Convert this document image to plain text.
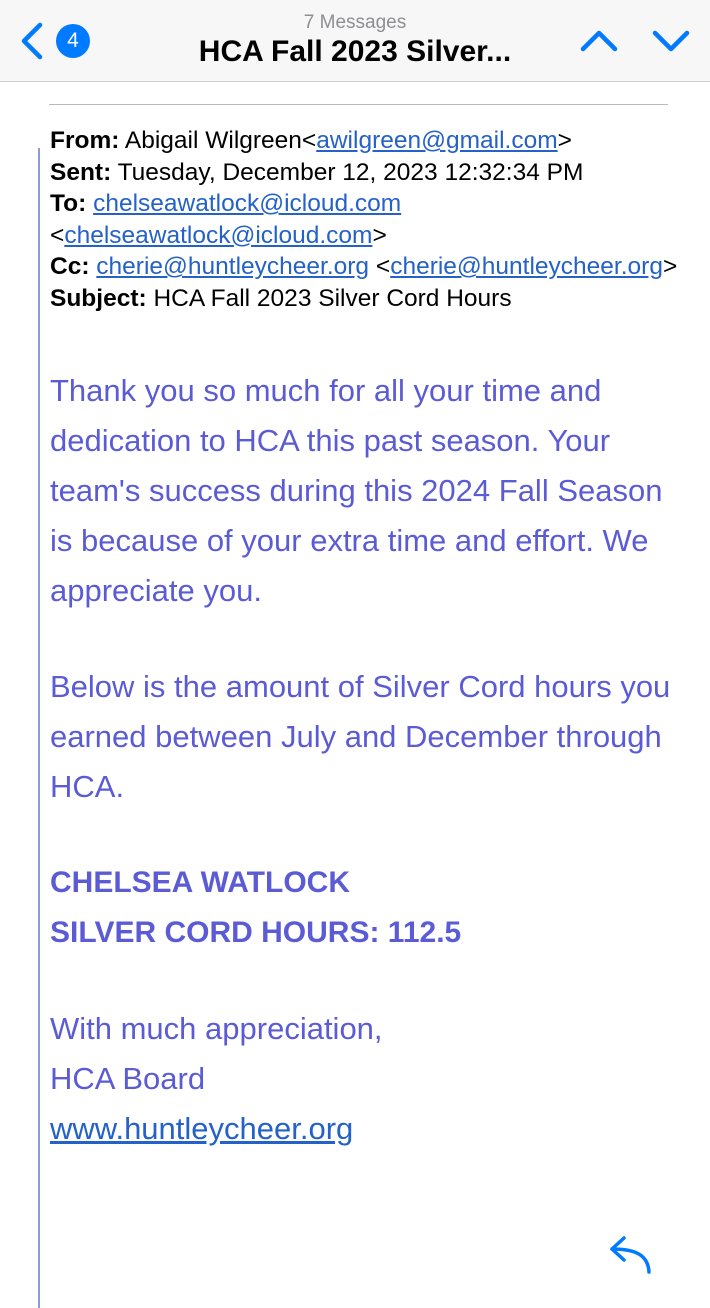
4
7 Messages
HCA Fall 2023 Silver...
From: Abigail Wilgreen<awilgreen@gmail.com>
Sent: Tuesday, December 12, 2023 12:32:34 PM
To: chelseawatlock@icloud.com <chelseawatlock@icloud.com>
Cc: cherie@huntleycheer.org <cherie@huntleycheer.org>
Subject: HCA Fall 2023 Silver Cord Hours
Thank you so much for all your time and dedication to HCA this past season. Your team's success during this 2024 Fall Season is because of your extra time and effort. We appreciate you.
Below is the amount of Silver Cord hours you earned between July and December through HCA.
CHELSEA WATLOCK
SILVER CORD HOURS: 112.5
With much appreciation,
HCA Board
www.huntleycheer.org
